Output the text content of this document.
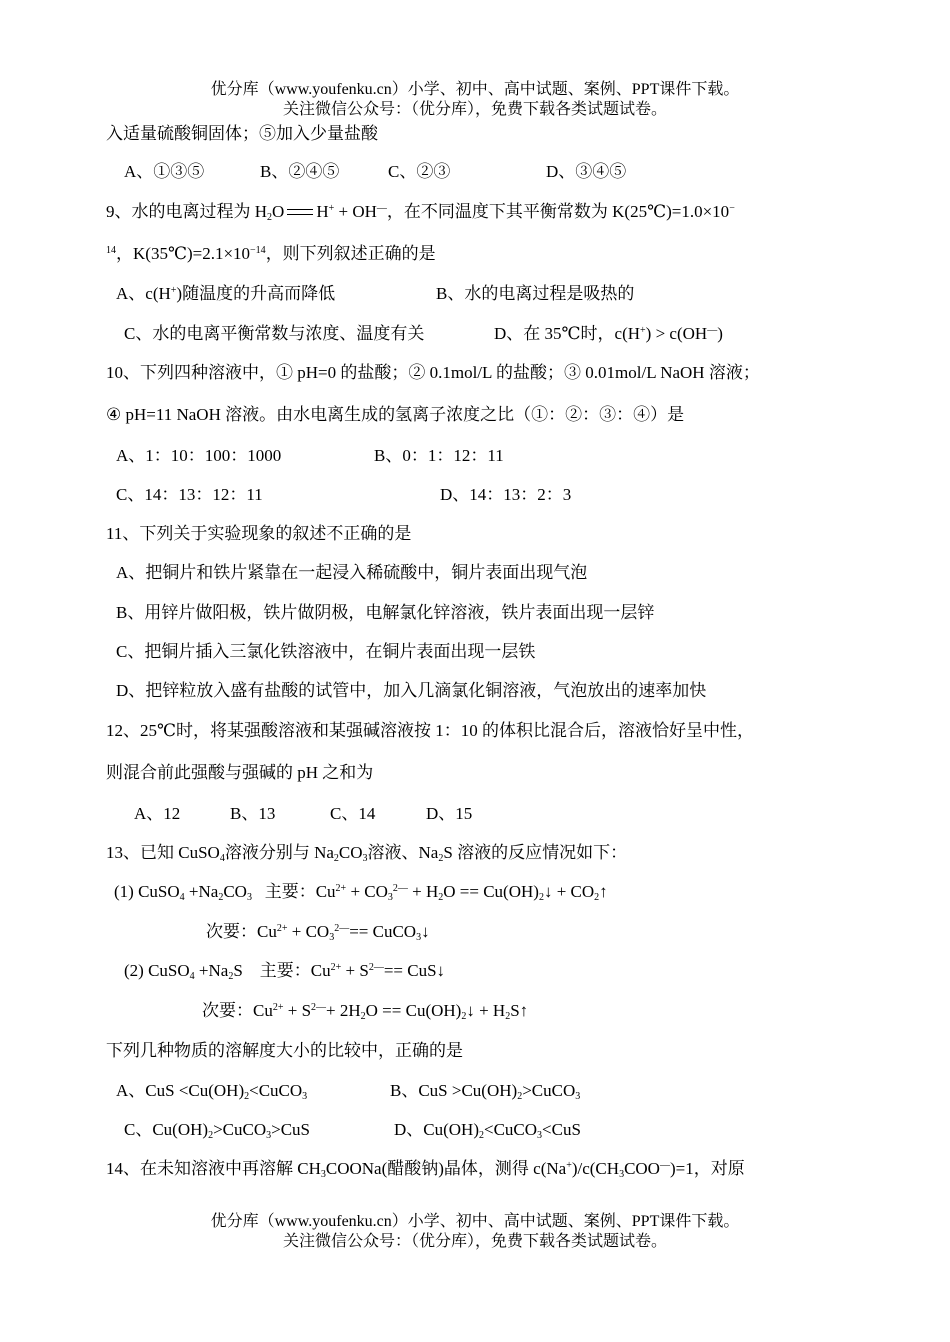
优分库（www.youfenku.cn）小学、初中、高中试题、案例、PPT课件下载。
关注微信公众号：（优分库），免费下载各类试题试卷。
入适量硫酸铜固体；⑤加入少量盐酸
A、①③⑤	B、②④⑤	C、②③	D、③④⑤
9、水的电离过程为 $H_2O$ H+ + OH—，在不同温度下其平衡常数为 K(25℃)=1.0×10−
$^{14}$，$K(35℃)=2.1\times 10^{-14}$，则下列叙述正确的是
A、c(H+)随温度的升高而降低	B、水的电离过程是吸热的
C、水的电离平衡常数与浓度、温度有关	D、在 35℃时，c(H+) > c(OH—)
10、下列四种溶液中，① pH=0 的盐酸；② 0.1mol/L 的盐酸；③ 0.01mol/L NaOH 溶液；
④ pH=11 NaOH 溶液。由水电离生成的氢离子浓度之比（①：②：③：④）是
A、1：10：100：1000	B、0：1：12：11
C、14：13：12：11	D、14：13：2：3
11、下列关于实验现象的叙述不正确的是
A、把铜片和铁片紧靠在一起浸入稀硫酸中，铜片表面出现气泡
B、用锌片做阳极，铁片做阴极，电解氯化锌溶液，铁片表面出现一层锌
C、把铜片插入三氯化铁溶液中，在铜片表面出现一层铁
D、把锌粒放入盛有盐酸的试管中，加入几滴氯化铜溶液，气泡放出的速率加快
12、25℃时，将某强酸溶液和某强碱溶液按 1：10 的体积比混合后，溶液恰好呈中性，
则混合前此强酸与强碱的 pH 之和为
A、12	B、13	C、14	D、15
13、已知 CuSO$_4$溶液分别与 $Na_2CO_3$溶液、$Na_2S$ 溶液的反应情况如下：
(1) CuSO$_4$ $+Na_2CO_3$ 主要：$Cu^{2+} + CO_3^{2—} + H_2O == Cu(OH)_2$ ↓ + $CO_2$ ↑
次要：$Cu^{2+} + CO_3^{2—}==$ CuCO$_3$ ↓
(2) CuSO$_4$ $+Na_2S$ 主要：$Cu^{2+} + S^{2—}==$ CuS ↓
次要：$Cu^{2+} + S^{2—}+ 2H_2O == Cu(OH)_2$ ↓ + $H_2S$ ↑
下列几种物质的溶解度大小的比较中，正确的是
A、CuS $<Cu(OH)_2<CuCO_3$	B、CuS $>Cu(OH)_2>CuCO_3$
C、$Cu(OH)_2>CuCO_3>CuS$	D、$Cu(OH)_2<CuCO_3<CuS$
14、在未知溶液中再溶解 $CH_3COONa$(醋酸钠)晶体，测得 $c(Na^+)/c(CH_3COO^—)=1$，对原
优分库（www.youfenku.cn）小学、初中、高中试题、案例、PPT课件下载。
关注微信公众号：（优分库），免费下载各类试题试卷。
